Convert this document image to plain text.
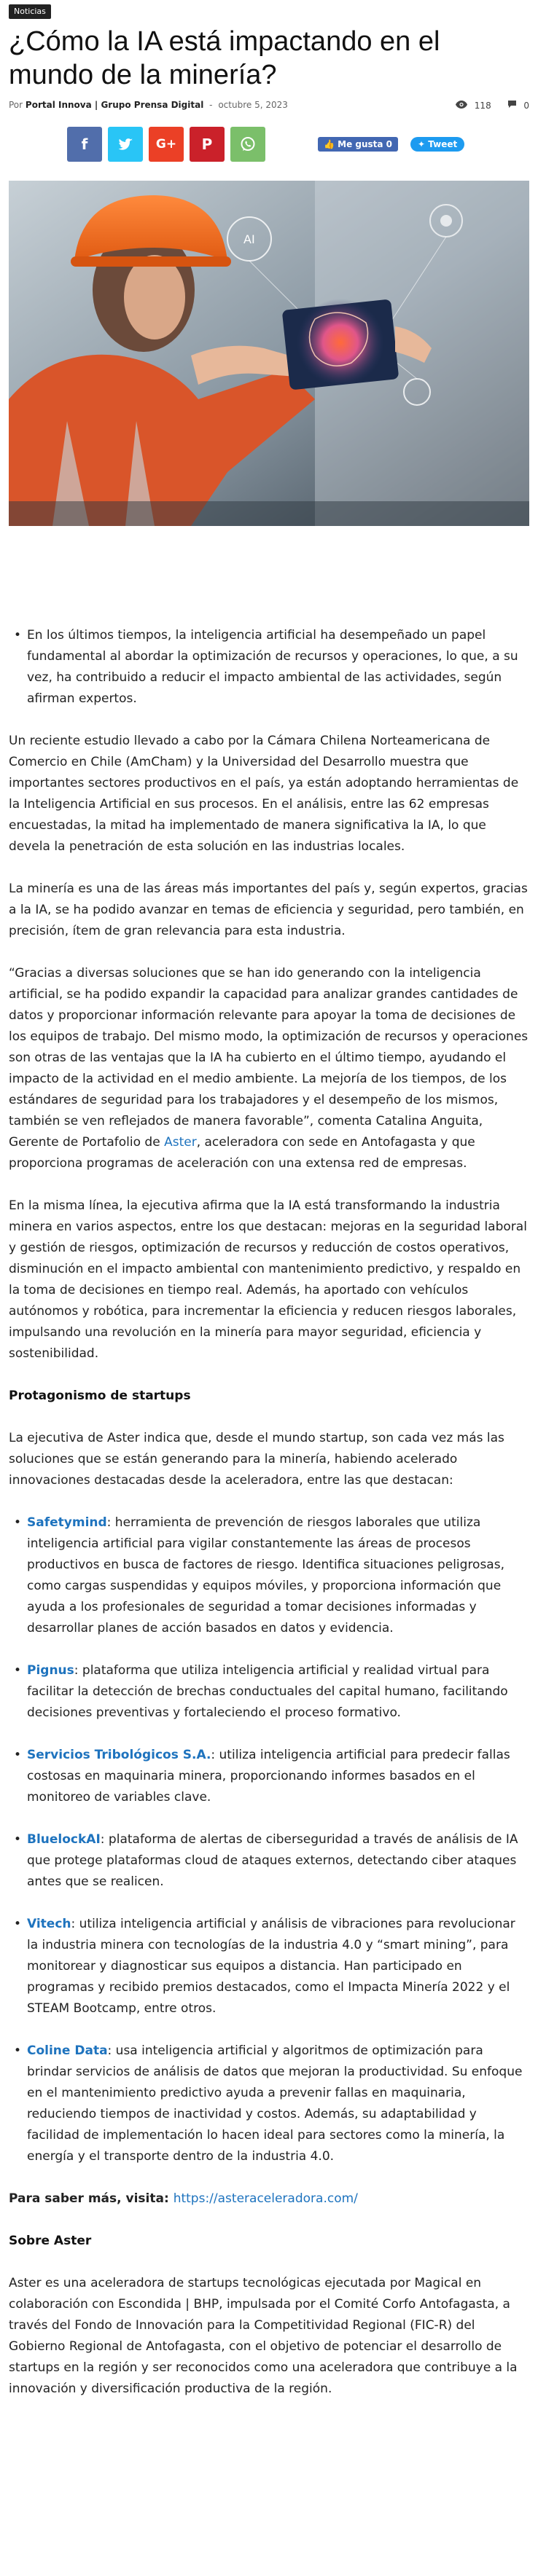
Noticias
¿Cómo la IA está impactando en el mundo de la minería?
Por Portal Innova | Grupo Prensa Digital - octubre 5, 2023	118	0
f	G+	P	👍 Me gusta 0	✦ Tweet
AI
• En los últimos tiempos, la inteligencia artificial ha desempeñado un papel fundamental al abordar la optimización de recursos y operaciones, lo que, a su vez, ha contribuido a reducir el impacto ambiental de las actividades, según afirman expertos.

Un reciente estudio llevado a cabo por la Cámara Chilena Norteamericana de Comercio en Chile (AmCham) y la Universidad del Desarrollo muestra que importantes sectores productivos en el país, ya están adoptando herramientas de la Inteligencia Artificial en sus procesos. En el análisis, entre las 62 empresas encuestadas, la mitad ha implementado de manera significativa la IA, lo que devela la penetración de esta solución en las industrias locales.

La minería es una de las áreas más importantes del país y, según expertos, gracias a la IA, se ha podido avanzar en temas de eficiencia y seguridad, pero también, en precisión, ítem de gran relevancia para esta industria.

“Gracias a diversas soluciones que se han ido generando con la inteligencia artificial, se ha podido expandir la capacidad para analizar grandes cantidades de datos y proporcionar información relevante para apoyar la toma de decisiones de los equipos de trabajo. Del mismo modo, la optimización de recursos y operaciones son otras de las ventajas que la IA ha cubierto en el último tiempo, ayudando el impacto de la actividad en el medio ambiente. La mejoría de los tiempos, de los estándares de seguridad para los trabajadores y el desempeño de los mismos, también se ven reflejados de manera favorable”, comenta Catalina Anguita, Gerente de Portafolio de Aster, aceleradora con sede en Antofagasta y que proporciona programas de aceleración con una extensa red de empresas.

En la misma línea, la ejecutiva afirma que la IA está transformando la industria minera en varios aspectos, entre los que destacan: mejoras en la seguridad laboral y gestión de riesgos, optimización de recursos y reducción de costos operativos, disminución en el impacto ambiental con mantenimiento predictivo, y respaldo en la toma de decisiones en tiempo real. Además, ha aportado con vehículos autónomos y robótica, para incrementar la eficiencia y reducen riesgos laborales, impulsando una revolución en la minería para mayor seguridad, eficiencia y sostenibilidad.

Protagonismo de startups

La ejecutiva de Aster indica que, desde el mundo startup, son cada vez más las soluciones que se están generando para la minería, habiendo acelerado innovaciones destacadas desde la aceleradora, entre las que destacan:

• Safetymind: herramienta de prevención de riesgos laborales que utiliza inteligencia artificial para vigilar constantemente las áreas de procesos productivos en busca de factores de riesgo. Identifica situaciones peligrosas, como cargas suspendidas y equipos móviles, y proporciona información que ayuda a los profesionales de seguridad a tomar decisiones informadas y desarrollar planes de acción basados en datos y evidencia.
• Pignus: plataforma que utiliza inteligencia artificial y realidad virtual para facilitar la detección de brechas conductuales del capital humano, facilitando decisiones preventivas y fortaleciendo el proceso formativo.
• Servicios Tribológicos S.A.: utiliza inteligencia artificial para predecir fallas costosas en maquinaria minera, proporcionando informes basados en el monitoreo de variables clave.
• BluelockAI: plataforma de alertas de ciberseguridad a través de análisis de IA que protege plataformas cloud de ataques externos, detectando ciber ataques antes que se realicen.
• Vitech: utiliza inteligencia artificial y análisis de vibraciones para revolucionar la industria minera con tecnologías de la industria 4.0 y “smart mining”, para monitorear y diagnosticar sus equipos a distancia. Han participado en programas y recibido premios destacados, como el Impacta Minería 2022 y el STEAM Bootcamp, entre otros.
• Coline Data: usa inteligencia artificial y algoritmos de optimización para brindar servicios de análisis de datos que mejoran la productividad. Su enfoque en el mantenimiento predictivo ayuda a prevenir fallas en maquinaria, reduciendo tiempos de inactividad y costos. Además, su adaptabilidad y facilidad de implementación lo hacen ideal para sectores como la minería, la energía y el transporte dentro de la industria 4.0.

Para saber más, visita: https://asteraceleradora.com/

Sobre Aster

Aster es una aceleradora de startups tecnológicas ejecutada por Magical en colaboración con Escondida | BHP, impulsada por el Comité Corfo Antofagasta, a través del Fondo de Innovación para la Competitividad Regional (FIC-R) del Gobierno Regional de Antofagasta, con el objetivo de potenciar el desarrollo de startups en la región y ser reconocidos como una aceleradora que contribuye a la innovación y diversificación productiva de la región.
